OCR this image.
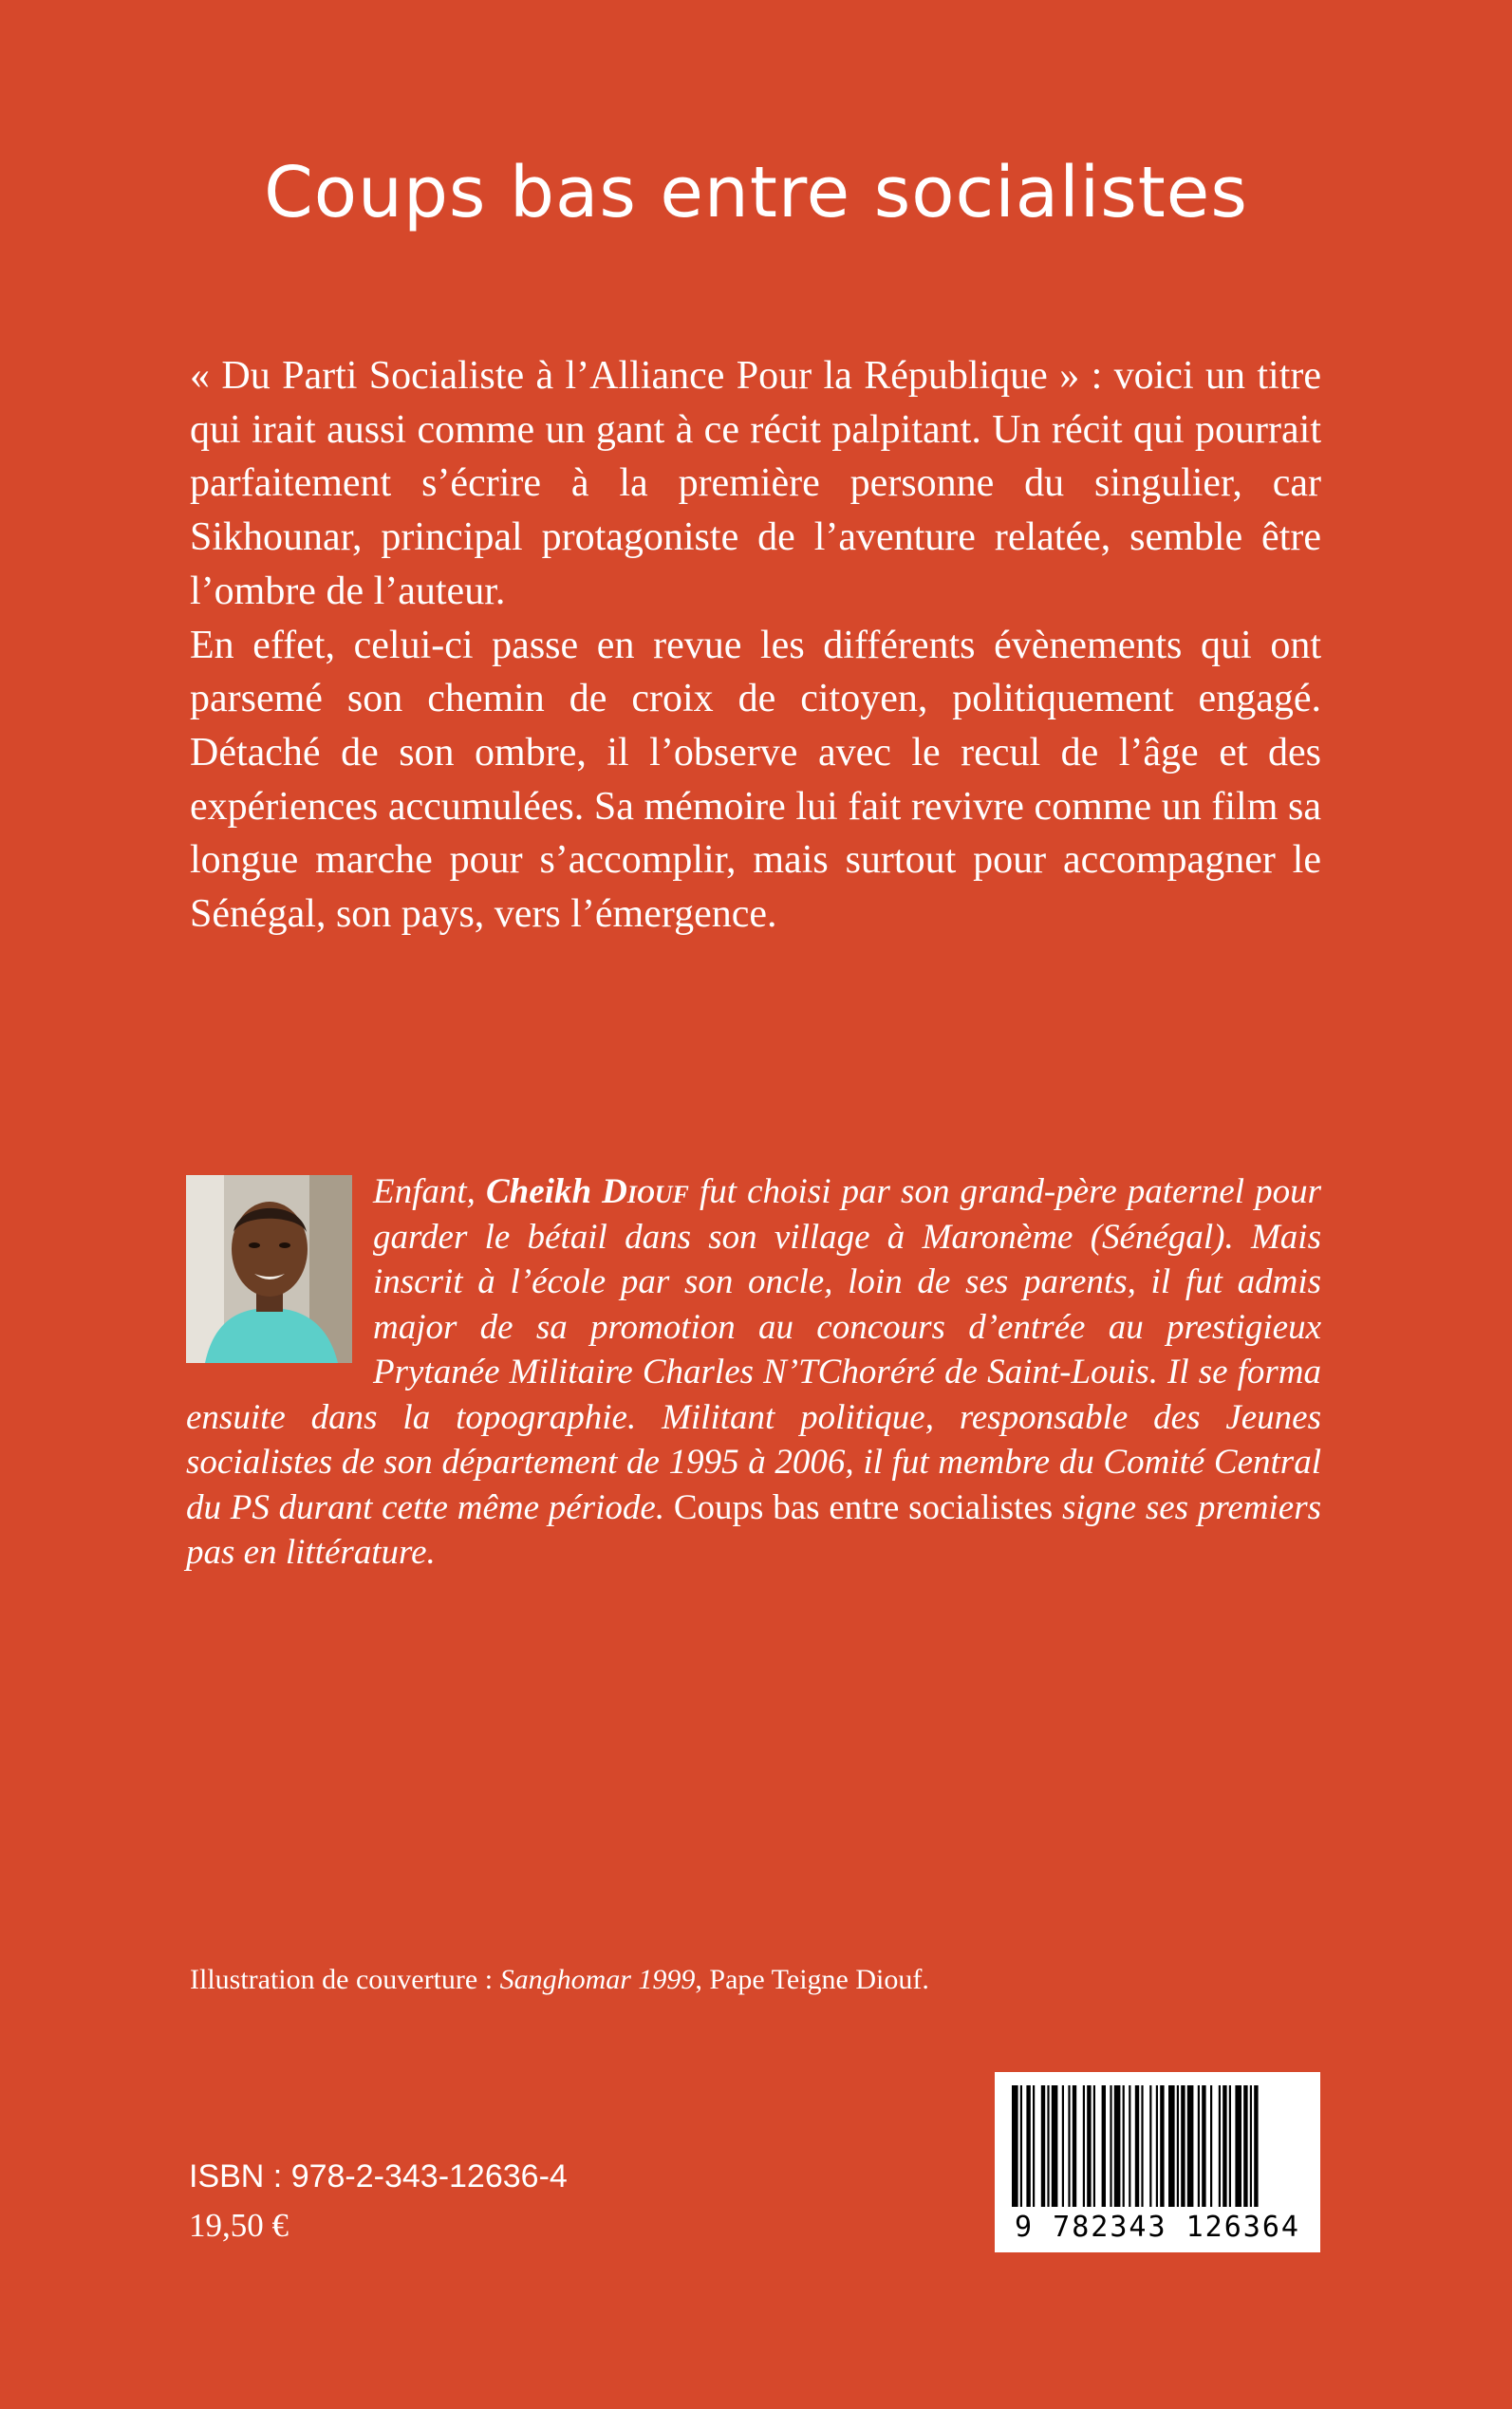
Coups bas entre socialistes

« Du Parti Socialiste à l’Alliance Pour la République » : voici un titre qui irait aussi comme un gant à ce récit palpitant. Un récit qui pourrait parfaitement s’écrire à la première personne du singulier, car Sikhounar, principal protagoniste de l’aventure relatée, semble être l’ombre de l’auteur.

En effet, celui-ci passe en revue les différents évènements qui ont parsemé son chemin de croix de citoyen, politiquement engagé. Détaché de son ombre, il l’observe avec le recul de l’âge et des expériences accumulées. Sa mémoire lui fait revivre comme un film sa longue marche pour s’accomplir, mais surtout pour accompagner le Sénégal, son pays, vers l’émergence.

Enfant, Cheikh Diouf fut choisi par son grand-père paternel pour garder le bétail dans son village à Maronème (Sénégal). Mais inscrit à l’école par son oncle, loin de ses parents, il fut admis major de sa promotion au concours d’entrée au prestigieux Prytanée Militaire Charles N’TChoréré de Saint-Louis. Il se forma ensuite dans la topographie. Militant politique, responsable des Jeunes socialistes de son département de 1995 à 2006, il fut membre du Comité Central du PS durant cette même période. Coups bas entre socialistes signe ses premiers pas en littérature.

Illustration de couverture : Sanghomar 1999, Pape Teigne Diouf.

9 782343 126364

ISBN : 978-2-343-12636-4

19,50 €
